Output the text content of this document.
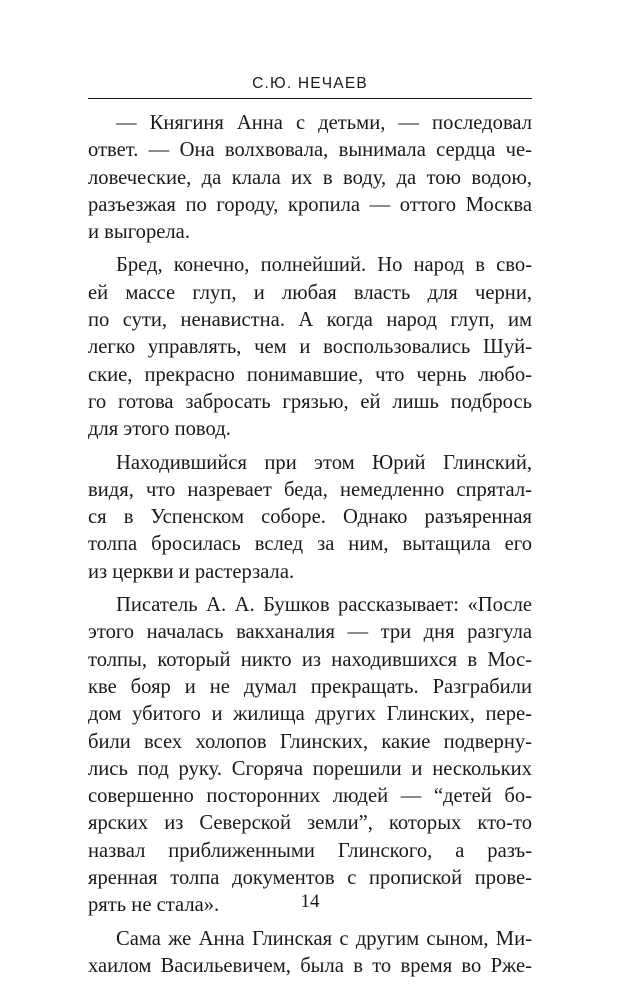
С.Ю. НЕЧАЕВ
— Княгиня Анна с детьми, — последовал
ответ. — Она волхвовала, вынимала сердца че-
ловеческие, да клала их в воду, да тою водою,
разъезжая по городу, кропила — оттого Москва
и выгорела.
Бред, конечно, полнейший. Но народ в сво-
ей массе глуп, и любая власть для черни,
по сути, ненавистна. А когда народ глуп, им
легко управлять, чем и воспользовались Шуй-
ские, прекрасно понимавшие, что чернь любо-
го готова забросать грязью, ей лишь подбрось
для этого повод.
Находившийся при этом Юрий Глинский,
видя, что назревает беда, немедленно спрятал-
ся в Успенском соборе. Однако разъяренная
толпа бросилась вслед за ним, вытащила его
из церкви и растерзала.
Писатель А. А. Бушков рассказывает: «После
этого началась вакханалия — три дня разгула
толпы, который никто из находившихся в Мос-
кве бояр и не думал прекращать. Разграбили
дом убитого и жилища других Глинских, пере-
били всех холопов Глинских, какие подверну-
лись под руку. Сгоряча порешили и нескольких
совершенно посторонних людей — “детей бо-
ярских из Северской земли”, которых кто-то
назвал приближенными Глинского, а разъ-
яренная толпа документов с пропиской прове-
рять не стала».
Сама же Анна Глинская с другим сыном, Ми-
хаилом Васильевичем, была в то время во Рже-
14
